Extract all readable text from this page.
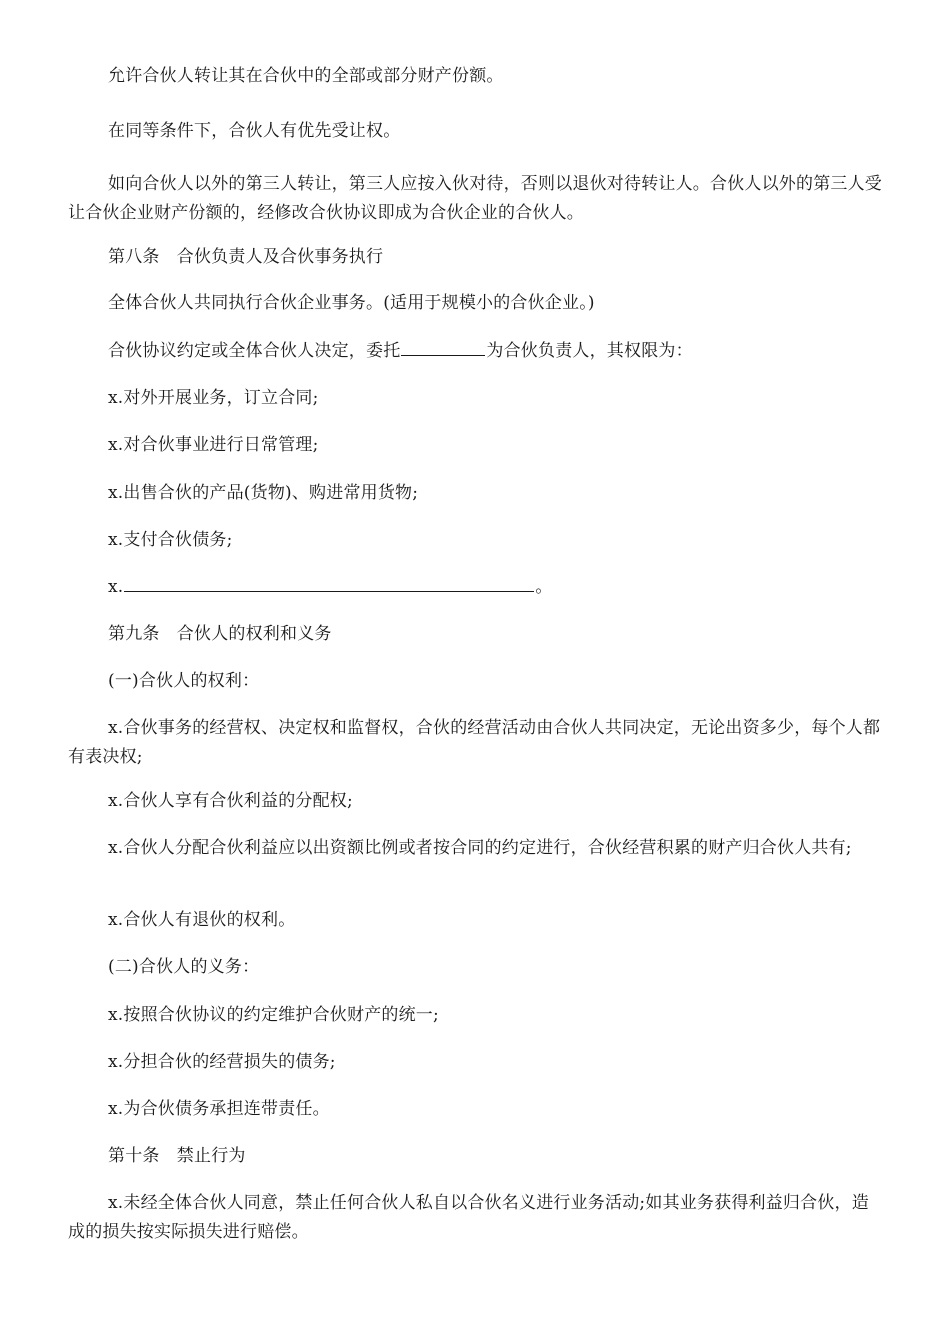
允许合伙人转让其在合伙中的全部或部分财产份额。

在同等条件下，合伙人有优先受让权。

如向合伙人以外的第三人转让，第三人应按入伙对待，否则以退伙对待转让人。合伙人以外的第三人受让合伙企业财产份额的，经修改合伙协议即成为合伙企业的合伙人。

第八条　合伙负责人及合伙事务执行

全体合伙人共同执行合伙企业事务。(适用于规模小的合伙企业。)

合伙协议约定或全体合伙人决定，委托	为合伙负责人，其权限为：

x.对外开展业务，订立合同;

x.对合伙事业进行日常管理;

x.出售合伙的产品(货物)、购进常用货物;

x.支付合伙债务;

x.	。

第九条　合伙人的权利和义务

(一)合伙人的权利：

x.合伙事务的经营权、决定权和监督权，合伙的经营活动由合伙人共同决定，无论出资多少，每个人都有表决权;

x.合伙人享有合伙利益的分配权;

x.合伙人分配合伙利益应以出资额比例或者按合同的约定进行，合伙经营积累的财产归合伙人共有;

x.合伙人有退伙的权利。

(二)合伙人的义务：

x.按照合伙协议的约定维护合伙财产的统一;

x.分担合伙的经营损失的债务;

x.为合伙债务承担连带责任。

第十条　禁止行为

x.未经全体合伙人同意，禁止任何合伙人私自以合伙名义进行业务活动;如其业务获得利益归合伙，造成的损失按实际损失进行赔偿。
